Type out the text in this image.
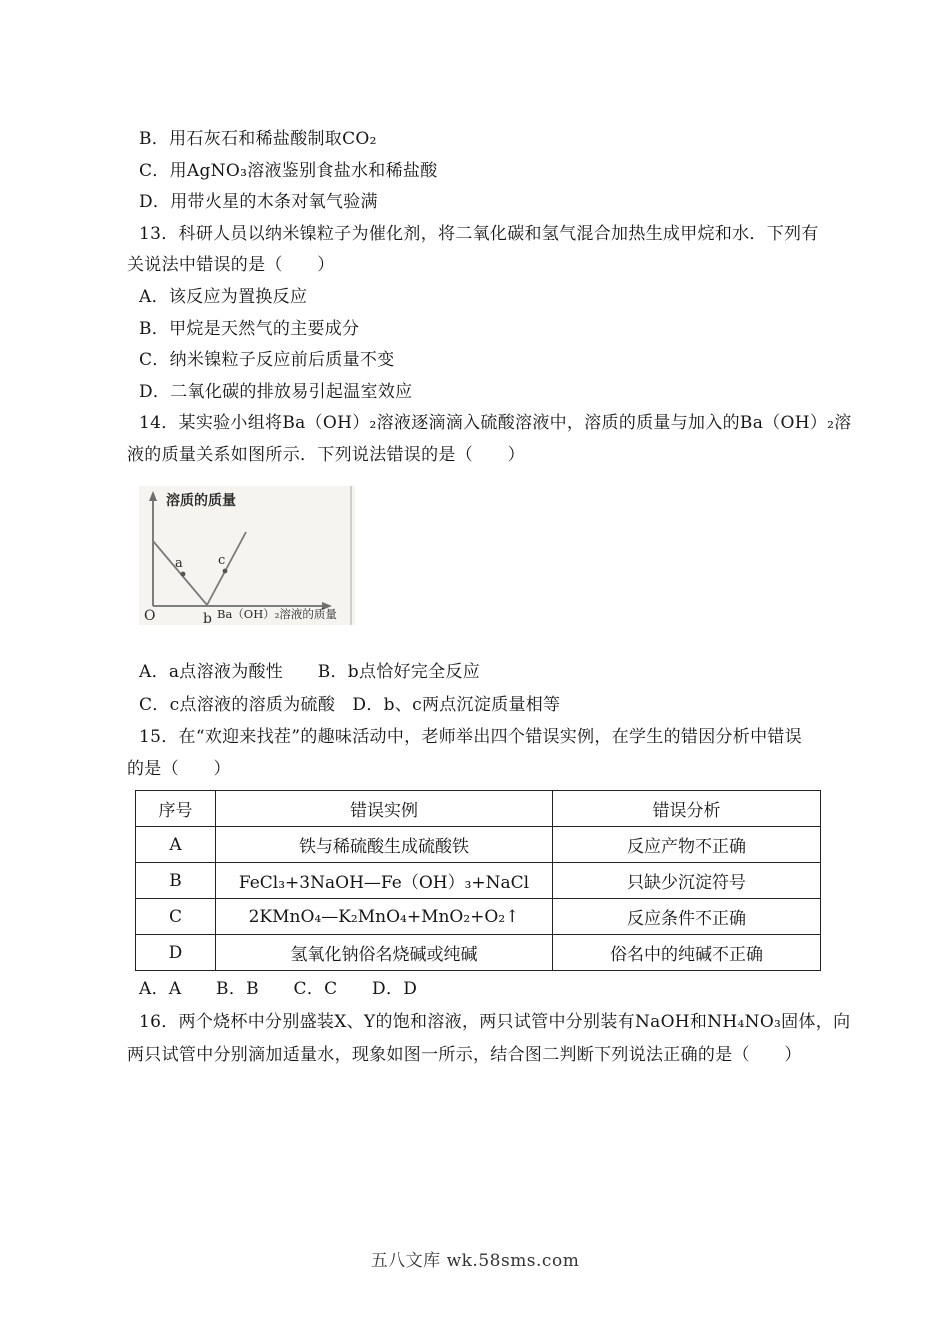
B．用石灰石和稀盐酸制取CO₂
C．用AgNO₃溶液鉴别食盐水和稀盐酸
D．用带火星的木条对氧气验满
13．科研人员以纳米镍粒子为催化剂，将二氧化碳和氢气混合加热生成甲烷和水．下列有
关说法中错误的是（　　）
A．该反应为置换反应
B．甲烷是天然气的主要成分
C．纳米镍粒子反应前后质量不变
D．二氧化碳的排放易引起温室效应
14．某实验小组将Ba（OH）₂溶液逐滴滴入硫酸溶液中，溶质的质量与加入的Ba（OH）₂溶
液的质量关系如图所示．下列说法错误的是（　　）
溶质的质量
a	c
O	b Ba（OH）₂溶液的质量
A．a点溶液为酸性　　B．b点恰好完全反应
C．c点溶液的溶质为硫酸　D．b、c两点沉淀质量相等
15．在“欢迎来找茬”的趣味活动中，老师举出四个错误实例，在学生的错因分析中错误
的是（　　）
序号	错误实例	错误分析
A	铁与稀硫酸生成硫酸铁	反应产物不正确
B	FeCl₃+3NaOH—Fe（OH）₃+NaCl	只缺少沉淀符号
C	2KMnO₄—K₂MnO₄+MnO₂+O₂↑	反应条件不正确
D	氢氧化钠俗名烧碱或纯碱	俗名中的纯碱不正确
A．A　　B．B　　C．C　　D．D
16．两个烧杯中分别盛装X、Y的饱和溶液，两只试管中分别装有NaOH和NH₄NO₃固体，向
两只试管中分别滴加适量水，现象如图一所示，结合图二判断下列说法正确的是（　　）
五八文库 wk.58sms.com
